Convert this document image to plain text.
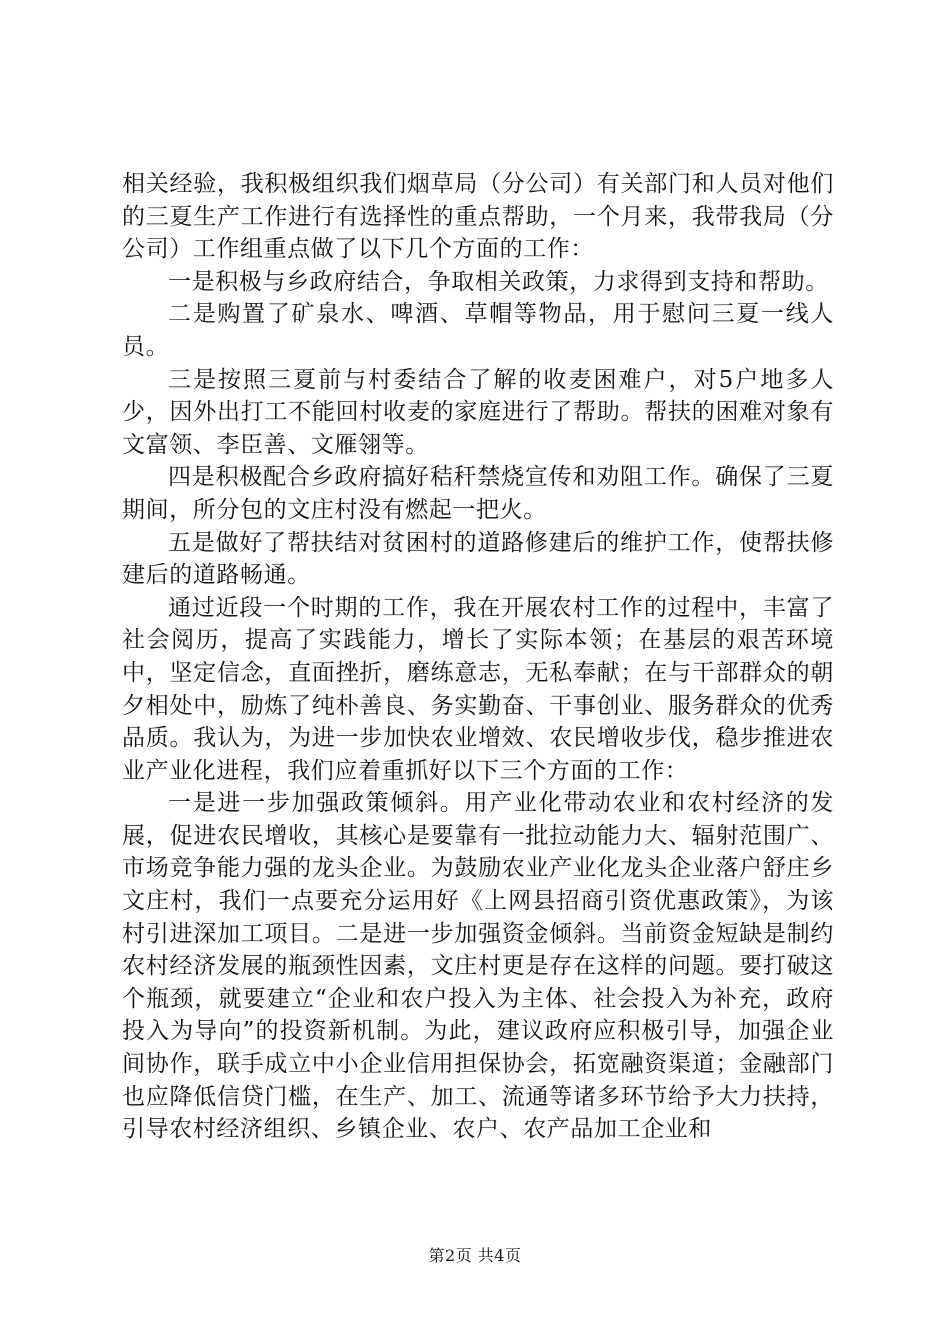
相关经验，我积极组织我们烟草局（分公司）有关部门和人员对他们的三夏生产工作进行有选择性的重点帮助，一个月来，我带我局（分公司）工作组重点做了以下几个方面的工作：

一是积极与乡政府结合，争取相关政策，力求得到支持和帮助。

二是购置了矿泉水、啤酒、草帽等物品，用于慰问三夏一线人员。

三是按照三夏前与村委结合了解的收麦困难户，对5户地多人少，因外出打工不能回村收麦的家庭进行了帮助。帮扶的困难对象有文富领、李臣善、文雁翎等。

四是积极配合乡政府搞好秸秆禁烧宣传和劝阻工作。确保了三夏期间，所分包的文庄村没有燃起一把火。

五是做好了帮扶结对贫困村的道路修建后的维护工作，使帮扶修建后的道路畅通。

通过近段一个时期的工作，我在开展农村工作的过程中，丰富了社会阅历，提高了实践能力，增长了实际本领；在基层的艰苦环境中，坚定信念，直面挫折，磨练意志，无私奉献；在与干部群众的朝夕相处中，励炼了纯朴善良、务实勤奋、干事创业、服务群众的优秀品质。我认为，为进一步加快农业增效、农民增收步伐，稳步推进农业产业化进程，我们应着重抓好以下三个方面的工作：

一是进一步加强政策倾斜。用产业化带动农业和农村经济的发展，促进农民增收，其核心是要靠有一批拉动能力大、辐射范围广、市场竞争能力强的龙头企业。为鼓励农业产业化龙头企业落户舒庄乡文庄村，我们一点要充分运用好《上网县招商引资优惠政策》，为该村引进深加工项目。二是进一步加强资金倾斜。当前资金短缺是制约农村经济发展的瓶颈性因素，文庄村更是存在这样的问题。要打破这个瓶颈，就要建立“企业和农户投入为主体、社会投入为补充，政府投入为导向”的投资新机制。为此，建议政府应积极引导，加强企业间协作，联手成立中小企业信用担保协会，拓宽融资渠道；金融部门也应降低信贷门槛，在生产、加工、流通等诸多环节给予大力扶持，引导农村经济组织、乡镇企业、农户、农产品加工企业和

第2页 共4页
